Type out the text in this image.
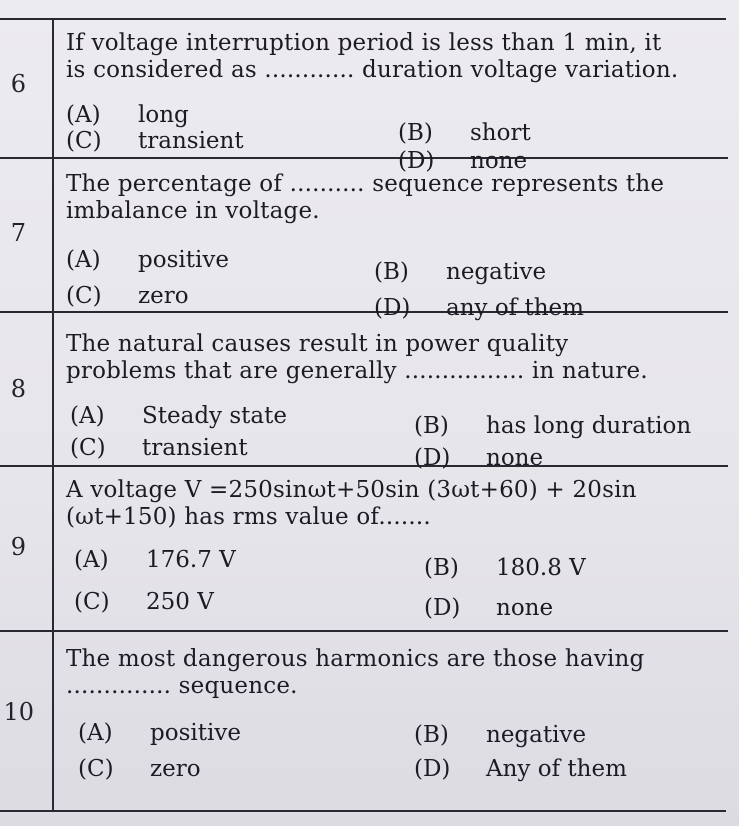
6
If voltage interruption period is less than 1 min, it is considered as ............ duration voltage variation.
(A) long
(B) short
(C) transient
(D) none
7
The percentage of .......... sequence represents the imbalance in voltage.
(A) positive	(B) negative
(C) zero	(D) any of them
8
The natural causes result in power quality problems that are generally ................ in nature.
(A) Steady state	(B) has long duration
(C) transient	(D) none
9
A voltage V =250sinωt+50sin (3ωt+60) + 20sin (ωt+150) has rms value of.......
(A) 176.7 V	(B) 180.8 V
(C) 250 V	(D) none
10
The most dangerous harmonics are those having .............. sequence.
(A) positive	(B) negative
(C) zero	(D) Any of them
